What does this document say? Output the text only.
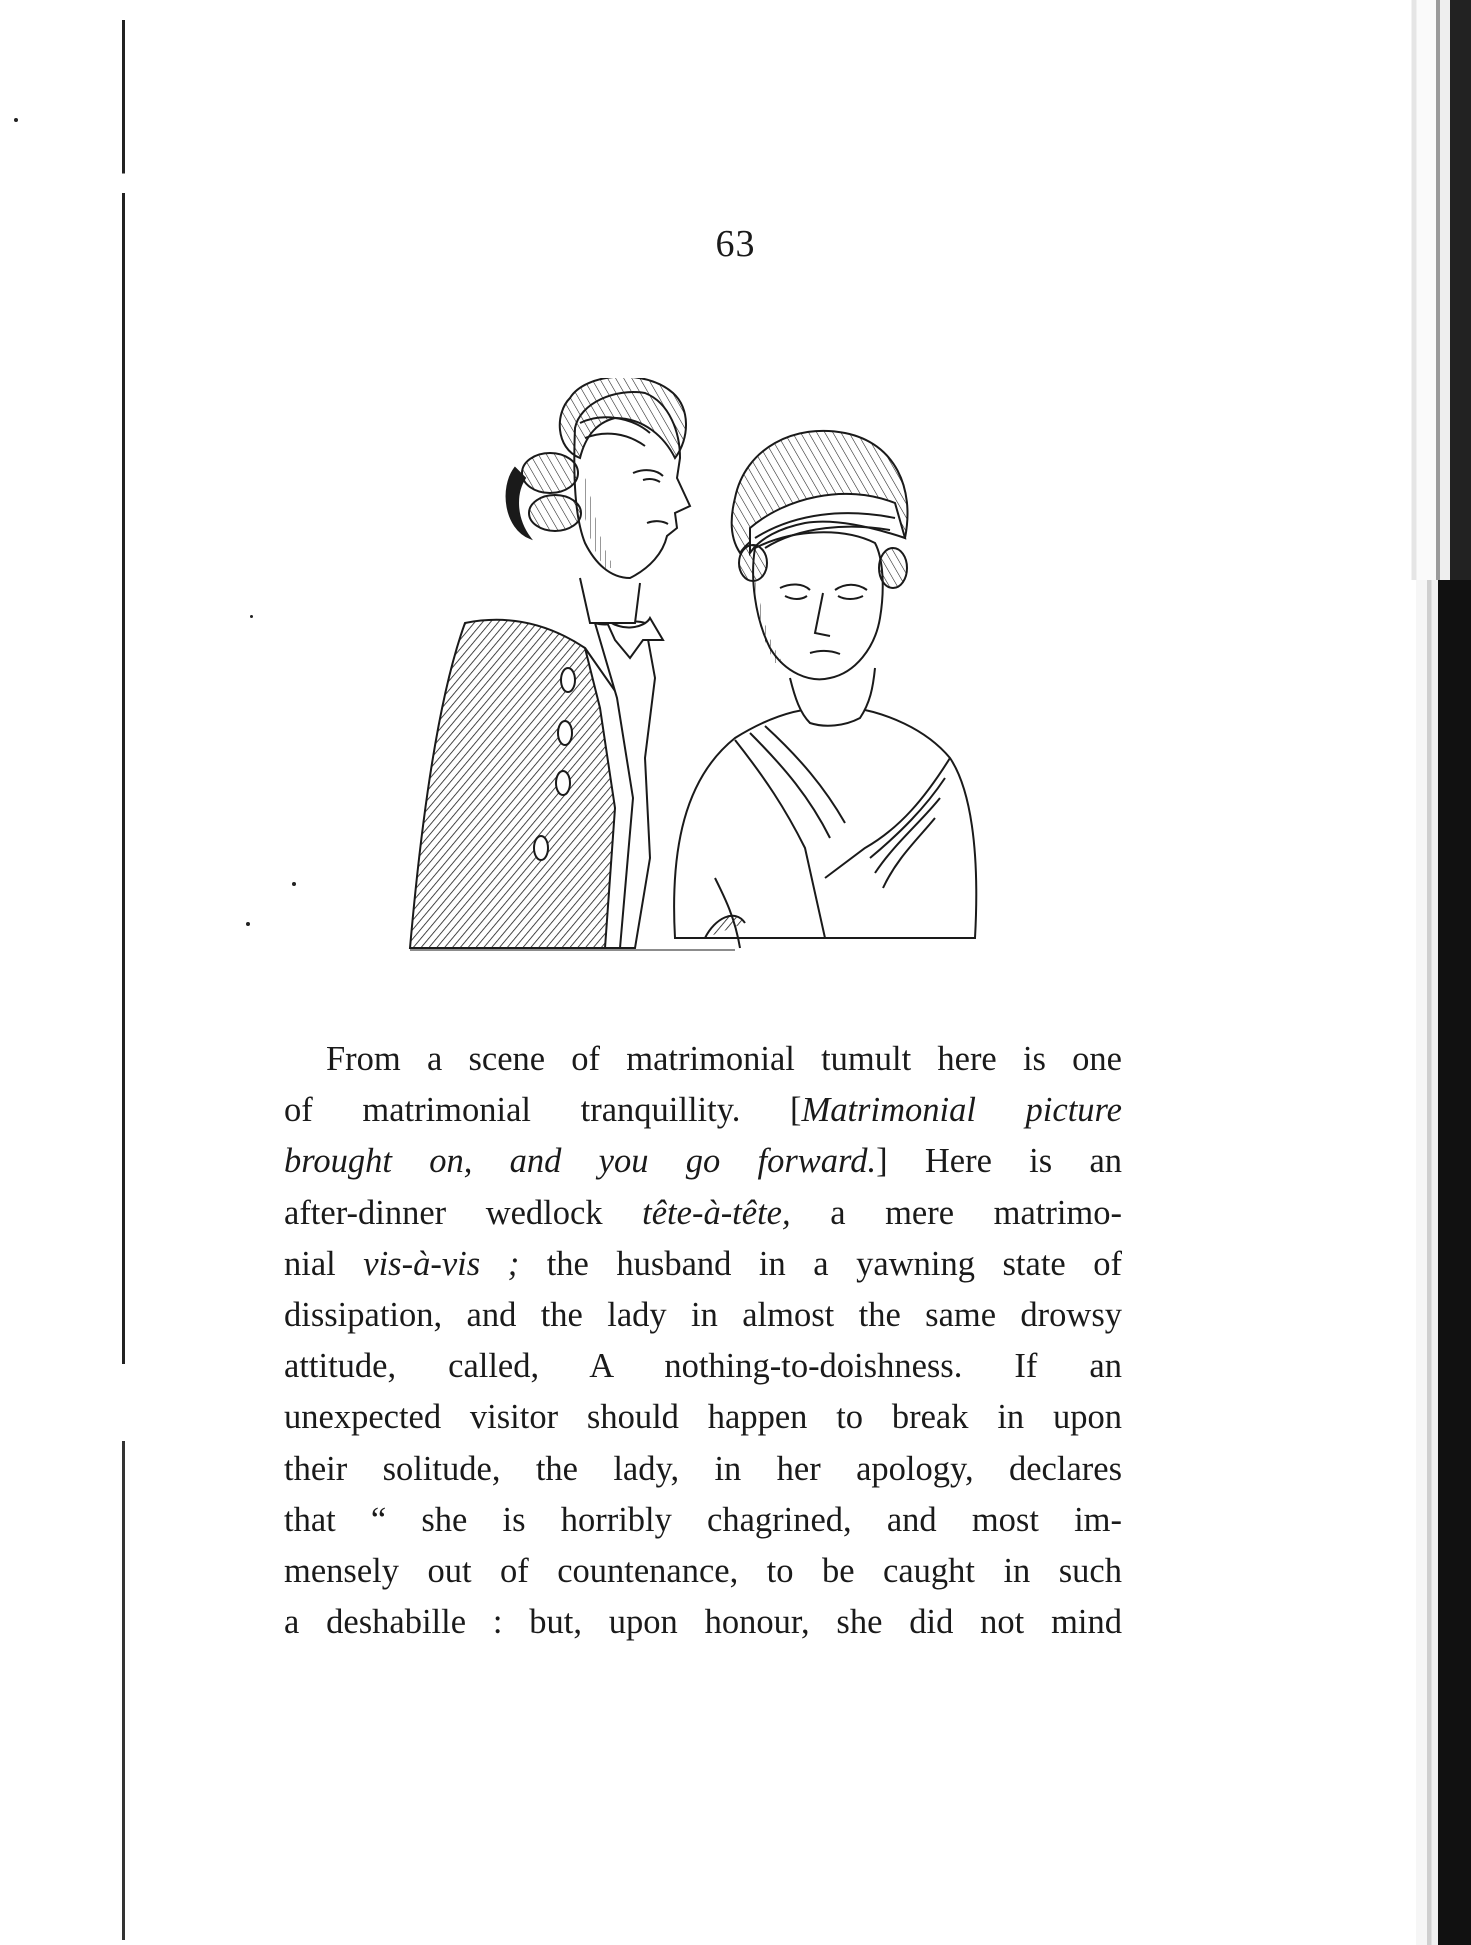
63
From a scene of matrimonial tumult here is one
of matrimonial tranquillity. [Matrimonial picture
brought on, and you go forward.] Here is an
after-dinner wedlock tête-à-tête, a mere matrimo-
nial vis-à-vis ; the husband in a yawning state of
dissipation, and the lady in almost the same drowsy
attitude, called, A nothing-to-doishness. If an
unexpected visitor should happen to break in upon
their solitude, the lady, in her apology, declares
that “ she is horribly chagrined, and most im-
mensely out of countenance, to be caught in such
a deshabille : but, upon honour, she did not mind
